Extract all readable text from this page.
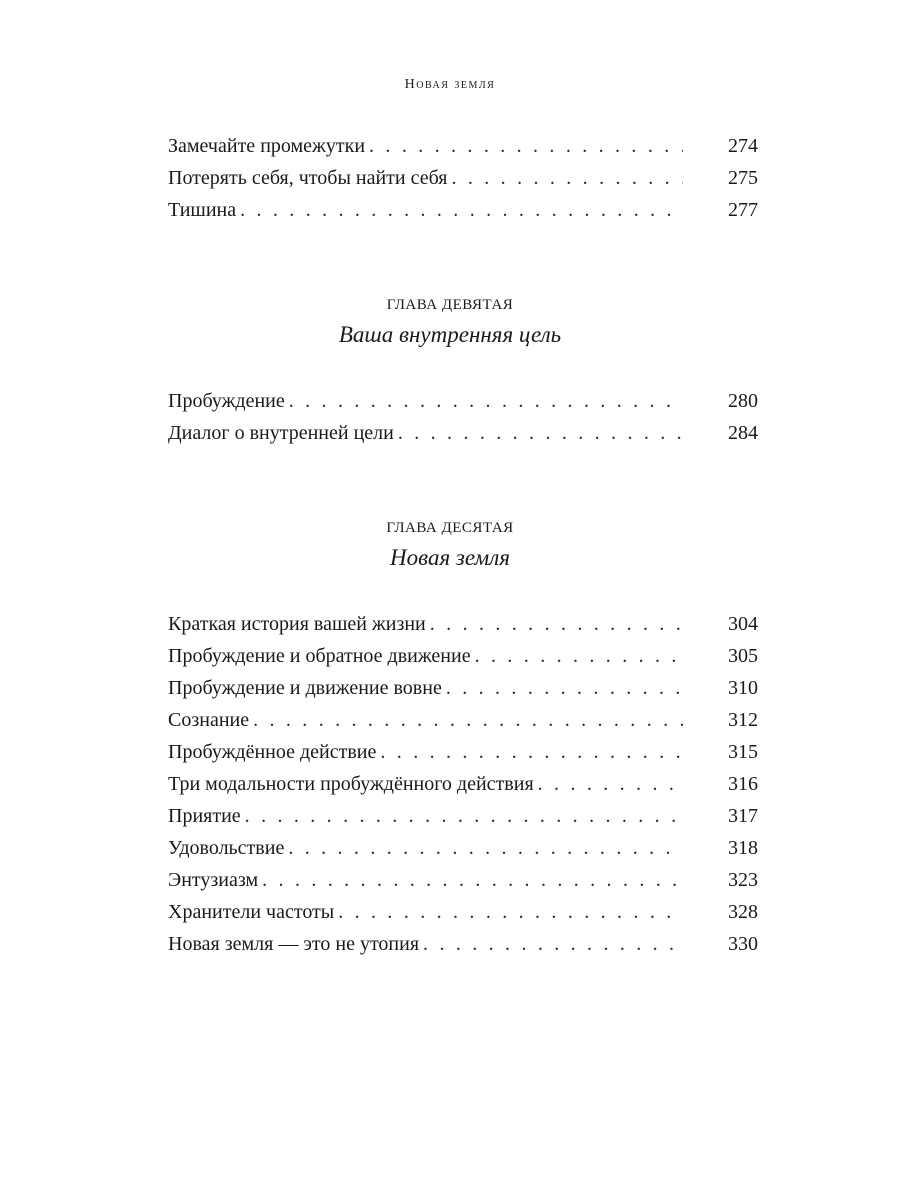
Новая земля
Замечайте промежутки . . .	274
Потерять себя, чтобы найти себя . . .	275
Тишина . . .	277
ГЛАВА ДЕВЯТАЯ
Ваша внутренняя цель
Пробуждение . . .	280
Диалог о внутренней цели . . .	284
ГЛАВА ДЕСЯТАЯ
Новая земля
Краткая история вашей жизни . . .	304
Пробуждение и обратное движение . . .	305
Пробуждение и движение вовне . . .	310
Сознание . . .	312
Пробуждённое действие . . .	315
Три модальности пробуждённого действия . . .	316
Приятие . . .	317
Удовольствие . . .	318
Энтузиазм . . .	323
Хранители частоты . . .	328
Новая земля — это не утопия . . .	330
